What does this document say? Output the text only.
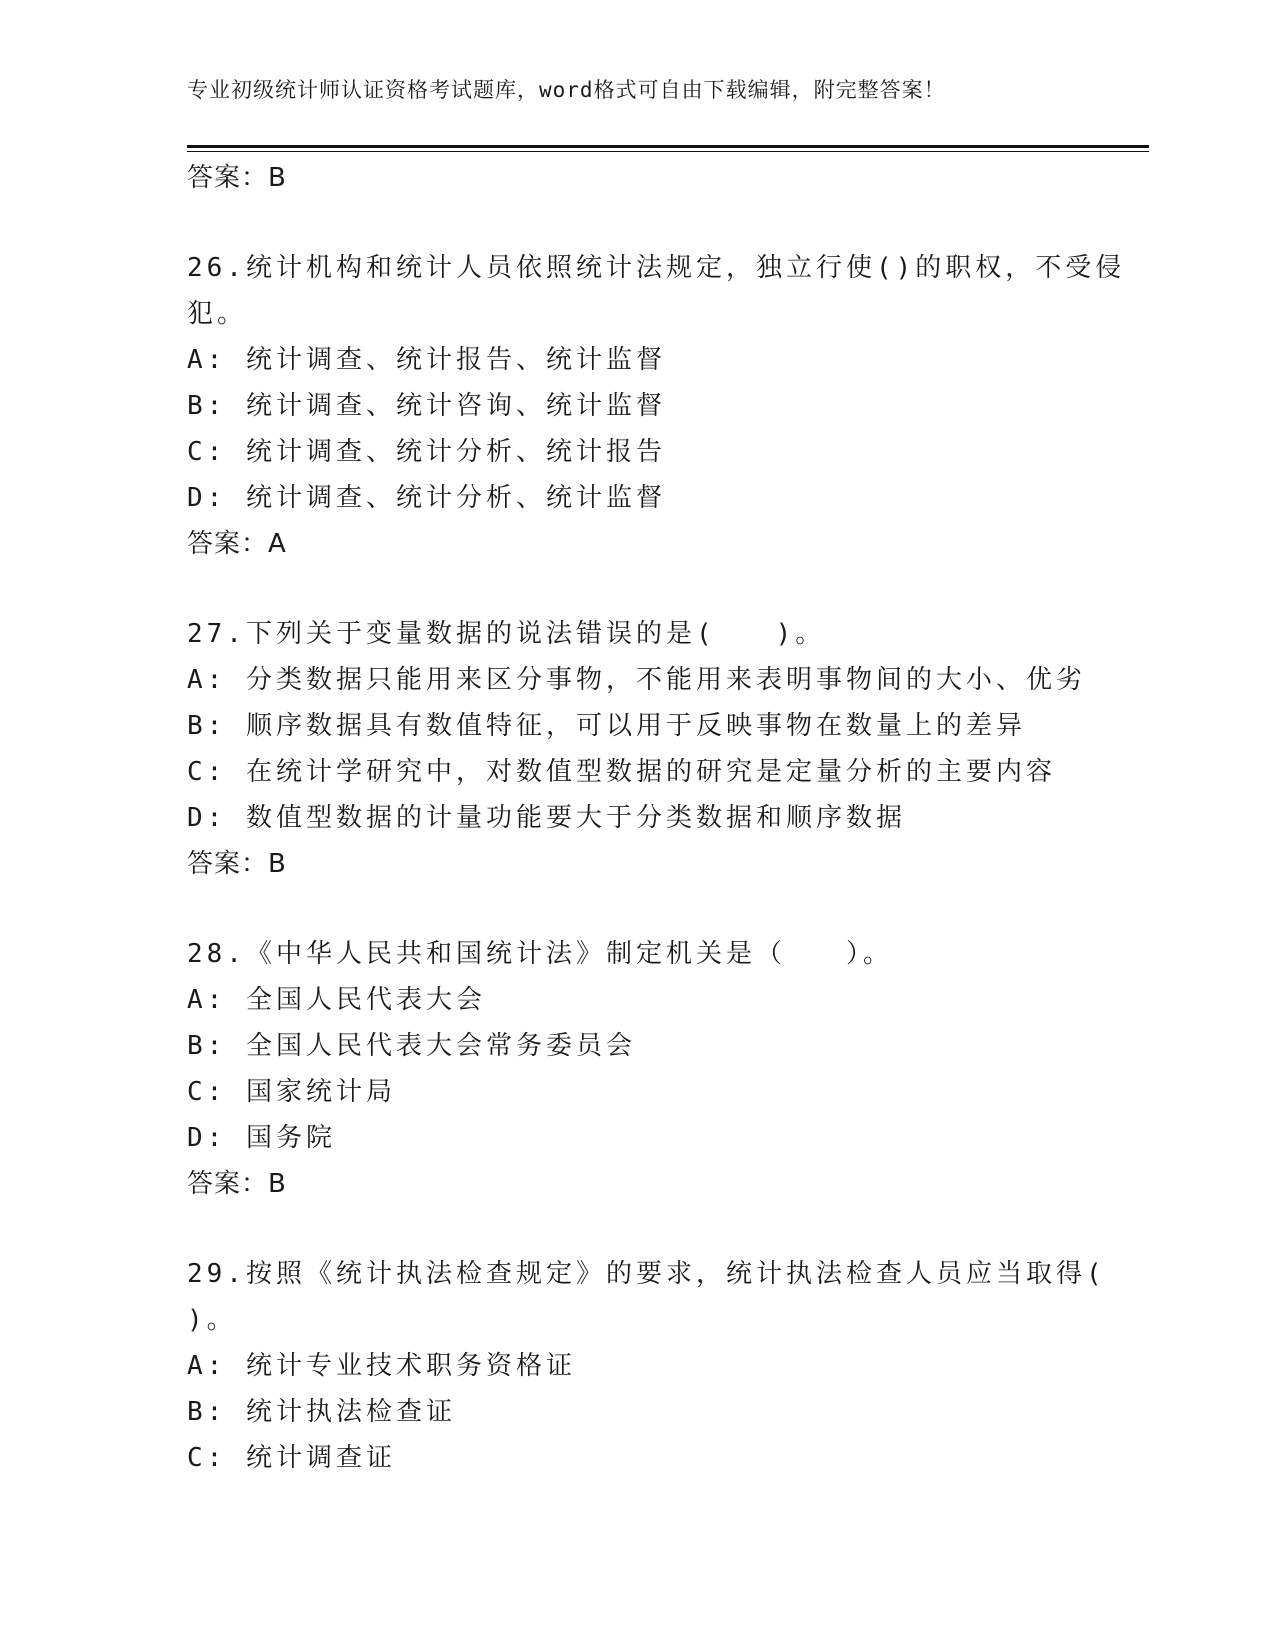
专业初级统计师认证资格考试题库，word格式可自由下载编辑，附完整答案！

答案：B

26.统计机构和统计人员依照统计法规定，独立行使()的职权，不受侵

犯。

A: 统计调查、统计报告、统计监督

B: 统计调查、统计咨询、统计监督

C: 统计调查、统计分析、统计报告

D: 统计调查、统计分析、统计监督

答案：A

27.下列关于变量数据的说法错误的是(　　)。

A: 分类数据只能用来区分事物，不能用来表明事物间的大小、优劣

B: 顺序数据具有数值特征，可以用于反映事物在数量上的差异

C: 在统计学研究中，对数值型数据的研究是定量分析的主要内容

D: 数值型数据的计量功能要大于分类数据和顺序数据

答案：B

28.《中华人民共和国统计法》制定机关是（　　）。

A: 全国人民代表大会

B: 全国人民代表大会常务委员会

C: 国家统计局

D: 国务院

答案：B

29.按照《统计执法检查规定》的要求，统计执法检查人员应当取得(

)。

A: 统计专业技术职务资格证

B: 统计执法检查证

C: 统计调查证
